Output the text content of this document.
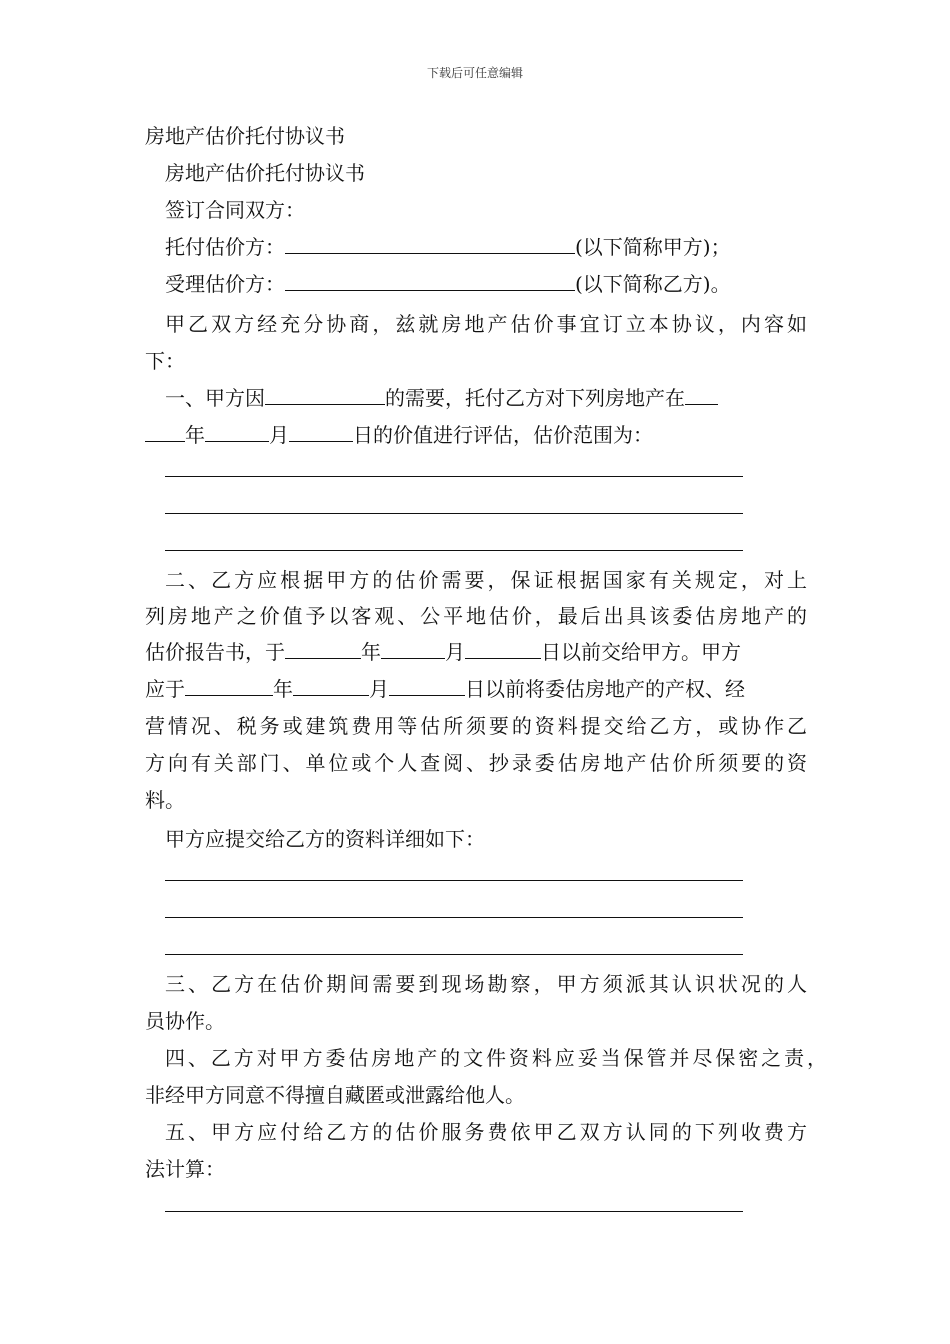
下载后可任意编辑
房地产估价托付协议书
房地产估价托付协议书
签订合同双方：
托付估价方：	(以下简称甲方)；
受理估价方：	(以下简称乙方)。
甲乙双方经充分协商，兹就房地产估价事宜订立本协议，内容如
下：
一、甲方因	的需要，托付乙方对下列房地产在
年	月	日的价值进行评估，估价范围为：
二、乙方应根据甲方的估价需要，保证根据国家有关规定，对上
列房地产之价值予以客观、公平地估价，最后出具该委估房地产的
估价报告书，于	年	月	日以前交给甲方。甲方
应于	年	月	日以前将委估房地产的产权、经
营情况、税务或建筑费用等估所须要的资料提交给乙方，或协作乙
方向有关部门、单位或个人查阅、抄录委估房地产估价所须要的资
料。
甲方应提交给乙方的资料详细如下：
三、乙方在估价期间需要到现场勘察，甲方须派其认识状况的人
员协作。
四、乙方对甲方委估房地产的文件资料应妥当保管并尽保密之责，
非经甲方同意不得擅自藏匿或泄露给他人。
五、甲方应付给乙方的估价服务费依甲乙双方认同的下列收费方
法计算：
